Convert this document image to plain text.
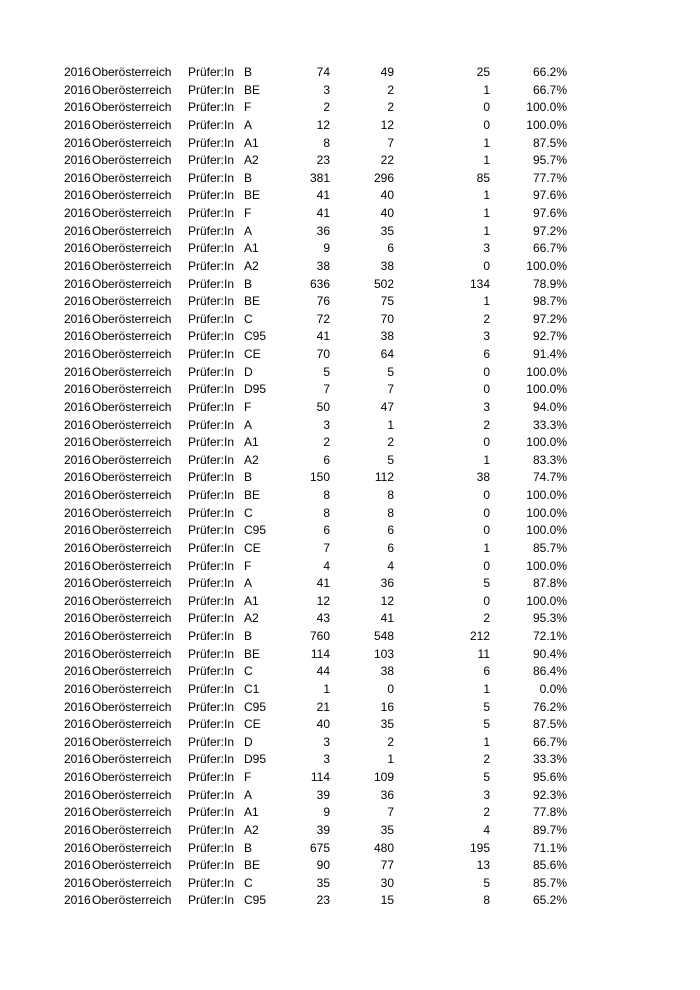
2016 Oberösterreich Prüfer:In B	74	49	25	66.2%
2016 Oberösterreich Prüfer:In BE	3	2	1	66.7%
2016 Oberösterreich Prüfer:In F	2	2	0	100.0%
2016 Oberösterreich Prüfer:In A	12	12	0	100.0%
2016 Oberösterreich Prüfer:In A1	8	7	1	87.5%
2016 Oberösterreich Prüfer:In A2	23	22	1	95.7%
2016 Oberösterreich Prüfer:In B	381	296	85	77.7%
2016 Oberösterreich Prüfer:In BE	41	40	1	97.6%
2016 Oberösterreich Prüfer:In F	41	40	1	97.6%
2016 Oberösterreich Prüfer:In A	36	35	1	97.2%
2016 Oberösterreich Prüfer:In A1	9	6	3	66.7%
2016 Oberösterreich Prüfer:In A2	38	38	0	100.0%
2016 Oberösterreich Prüfer:In B	636	502	134	78.9%
2016 Oberösterreich Prüfer:In BE	76	75	1	98.7%
2016 Oberösterreich Prüfer:In C	72	70	2	97.2%
2016 Oberösterreich Prüfer:In C95	41	38	3	92.7%
2016 Oberösterreich Prüfer:In CE	70	64	6	91.4%
2016 Oberösterreich Prüfer:In D	5	5	0	100.0%
2016 Oberösterreich Prüfer:In D95	7	7	0	100.0%
2016 Oberösterreich Prüfer:In F	50	47	3	94.0%
2016 Oberösterreich Prüfer:In A	3	1	2	33.3%
2016 Oberösterreich Prüfer:In A1	2	2	0	100.0%
2016 Oberösterreich Prüfer:In A2	6	5	1	83.3%
2016 Oberösterreich Prüfer:In B	150	112	38	74.7%
2016 Oberösterreich Prüfer:In BE	8	8	0	100.0%
2016 Oberösterreich Prüfer:In C	8	8	0	100.0%
2016 Oberösterreich Prüfer:In C95	6	6	0	100.0%
2016 Oberösterreich Prüfer:In CE	7	6	1	85.7%
2016 Oberösterreich Prüfer:In F	4	4	0	100.0%
2016 Oberösterreich Prüfer:In A	41	36	5	87.8%
2016 Oberösterreich Prüfer:In A1	12	12	0	100.0%
2016 Oberösterreich Prüfer:In A2	43	41	2	95.3%
2016 Oberösterreich Prüfer:In B	760	548	212	72.1%
2016 Oberösterreich Prüfer:In BE	114	103	11	90.4%
2016 Oberösterreich Prüfer:In C	44	38	6	86.4%
2016 Oberösterreich Prüfer:In C1	1	0	1	0.0%
2016 Oberösterreich Prüfer:In C95	21	16	5	76.2%
2016 Oberösterreich Prüfer:In CE	40	35	5	87.5%
2016 Oberösterreich Prüfer:In D	3	2	1	66.7%
2016 Oberösterreich Prüfer:In D95	3	1	2	33.3%
2016 Oberösterreich Prüfer:In F	114	109	5	95.6%
2016 Oberösterreich Prüfer:In A	39	36	3	92.3%
2016 Oberösterreich Prüfer:In A1	9	7	2	77.8%
2016 Oberösterreich Prüfer:In A2	39	35	4	89.7%
2016 Oberösterreich Prüfer:In B	675	480	195	71.1%
2016 Oberösterreich Prüfer:In BE	90	77	13	85.6%
2016 Oberösterreich Prüfer:In C	35	30	5	85.7%
2016 Oberösterreich Prüfer:In C95	23	15	8	65.2%
